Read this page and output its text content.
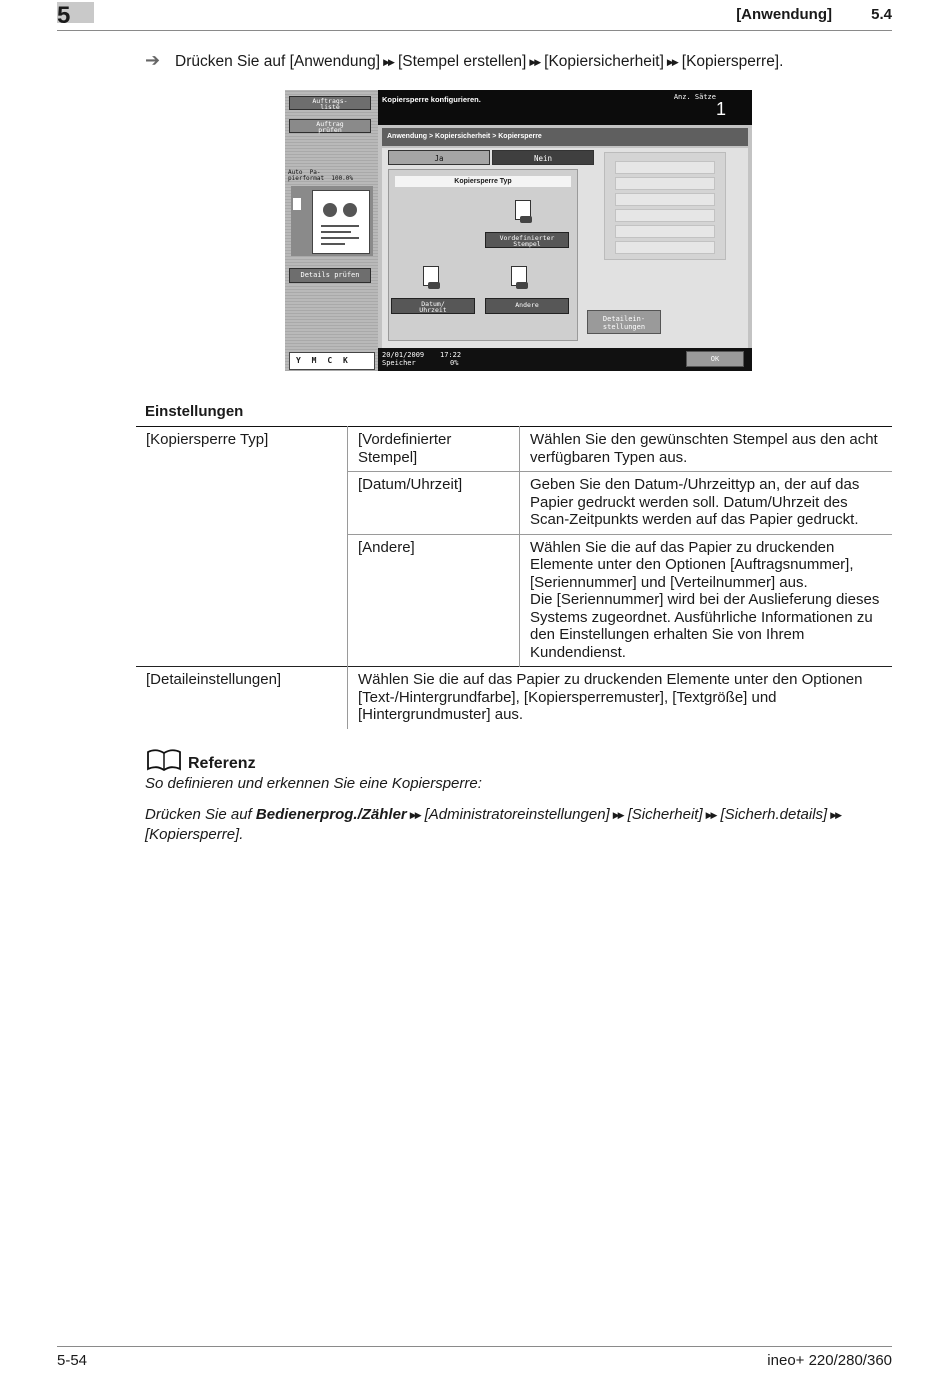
5	[Anwendung]	5.4
➔ Drücken Sie auf [Anwendung] ▶▶ [Stempel erstellen] ▶▶ [Kopiersicherheit] ▶▶ [Kopiersperre].
Auftrags-
liste
Auftrag
prüfen
Auto  Pa-
pierformat  100.0%
Details prüfen
Y M C K
Kopiersperre konfigurieren.	Anz. Sätze
1
Anwendung > Kopiersicherheit > Kopiersperre
Ja	Nein
Kopiersperre Typ
Vordefinierter
Stempel
Datum/
Uhrzeit
Andere
Detailein-
stellungen
20/01/2009
Speicher
17:22
0%	OK
Einstellungen
[Kopiersperre Typ]	[Vordefinierter Stempel]	Wählen Sie den gewünschten Stempel aus den acht verfügbaren Typen aus.
	[Datum/Uhrzeit]	Geben Sie den Datum-/Uhrzeittyp an, der auf das Papier gedruckt werden soll. Datum/Uhrzeit des Scan-Zeitpunkts werden auf das Papier gedruckt.
	[Andere]	Wählen Sie die auf das Papier zu druckenden Elemente unter den Optionen [Auftragsnummer], [Seriennummer] und [Verteilnummer] aus.
Die [Seriennummer] wird bei der Auslieferung dieses Systems zugeordnet. Ausführliche Informationen zu den Einstellungen erhalten Sie von Ihrem Kundendienst.

[Detaileinstellungen]	Wählen Sie die auf das Papier zu druckenden Elemente unter den Optionen [Text-/Hintergrundfarbe], [Kopiersperremuster], [Textgröße] und [Hintergrundmuster] aus.	
Referenz
So definieren und erkennen Sie eine Kopiersperre:
Drücken Sie auf Bedienerprog./Zähler ▶▶ [Administratoreinstellungen] ▶▶ [Sicherheit] ▶▶ [Sicherh.details] ▶▶
[Kopiersperre].
5-54	ineo+ 220/280/360
